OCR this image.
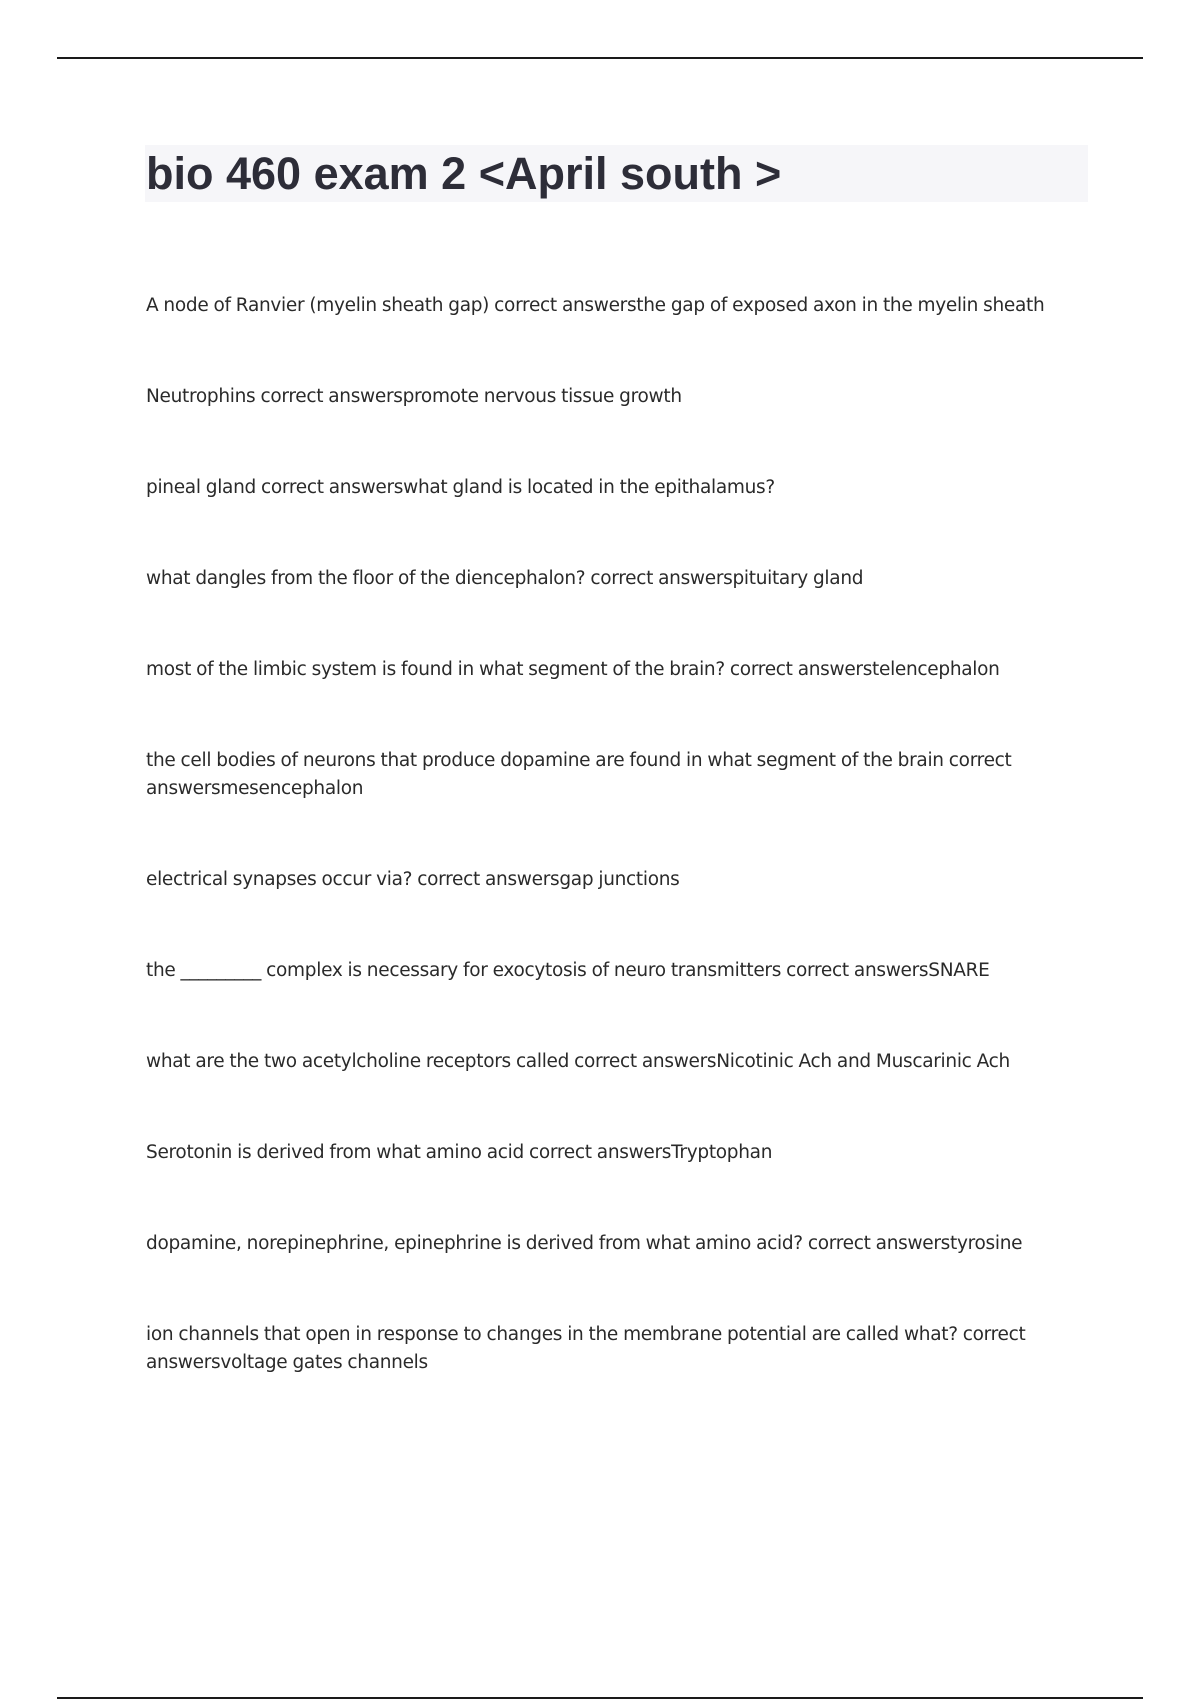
bio 460 exam 2 <April south >
A node of Ranvier (myelin sheath gap) correct answersthe gap of exposed axon in the myelin sheath
Neutrophins correct answerspromote nervous tissue growth
pineal gland correct answerswhat gland is located in the epithalamus?
what dangles from the floor of the diencephalon? correct answerspituitary gland
most of the limbic system is found in what segment of the brain? correct answerstelencephalon
the cell bodies of neurons that produce dopamine are found in what segment of the brain correct answersmesencephalon
electrical synapses occur via? correct answersgap junctions
the _________ complex is necessary for exocytosis of neuro transmitters correct answersSNARE
what are the two acetylcholine receptors called correct answersNicotinic Ach and Muscarinic Ach
Serotonin is derived from what amino acid correct answersTryptophan
dopamine, norepinephrine, epinephrine is derived from what amino acid? correct answerstyrosine
ion channels that open in response to changes in the membrane potential are called what? correct answersvoltage gates channels
